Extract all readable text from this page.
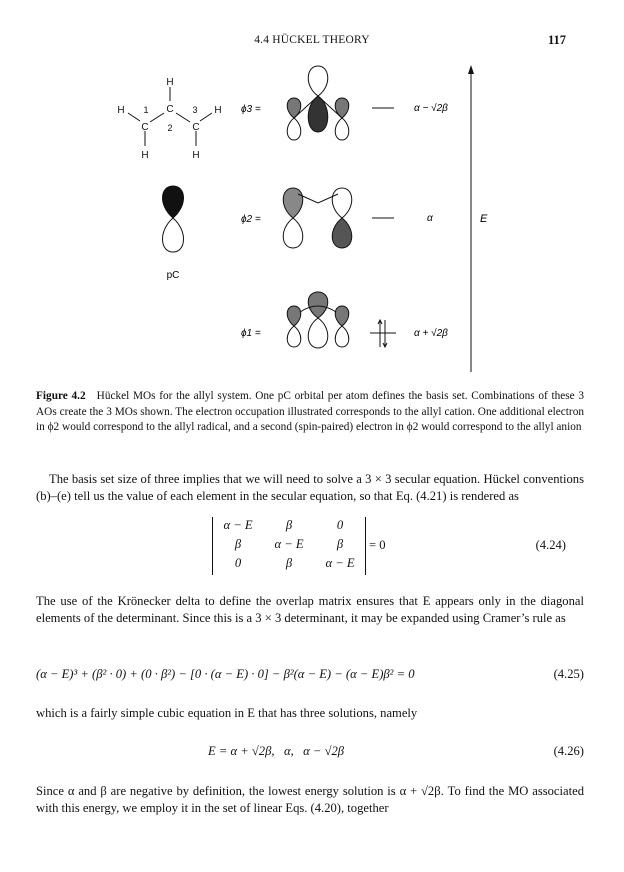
4.4 HÜCKEL THEORY	117
H
H	C	H
C	C
H	H
1
2
3
pC
ϕ3 =	α − √2β
ϕ2 =	α
ϕ1 =	α + √2β
E
Figure 4.2 Hückel MOs for the allyl system. One pC orbital per atom defines the basis set. Combinations of these 3 AOs create the 3 MOs shown. The electron occupation illustrated corresponds to the allyl cation. One additional electron in ϕ2 would correspond to the allyl radical, and a second (spin-paired) electron in ϕ2 would correspond to the allyl anion
The basis set size of three implies that we will need to solve a 3 × 3 secular equation. Hückel conventions (b)–(e) tell us the value of each element in the secular equation, so that Eq. (4.21) is rendered as
α − E	β	0
β	α − E	β
0	β	α − E
= 0	(4.24)
The use of the Krönecker delta to define the overlap matrix ensures that E appears only in the diagonal elements of the determinant. Since this is a 3 × 3 determinant, it may be expanded using Cramer’s rule as
(α − E)³ + (β² · 0) + (0 · β²) − [0 · (α − E) · 0] − β²(α − E) − (α − E)β² = 0	(4.25)
which is a fairly simple cubic equation in E that has three solutions, namely
E = α + √2β,   α,   α − √2β	(4.26)
Since α and β are negative by definition, the lowest energy solution is α + √2β. To find the MO associated with this energy, we employ it in the set of linear Eqs. (4.20), together
